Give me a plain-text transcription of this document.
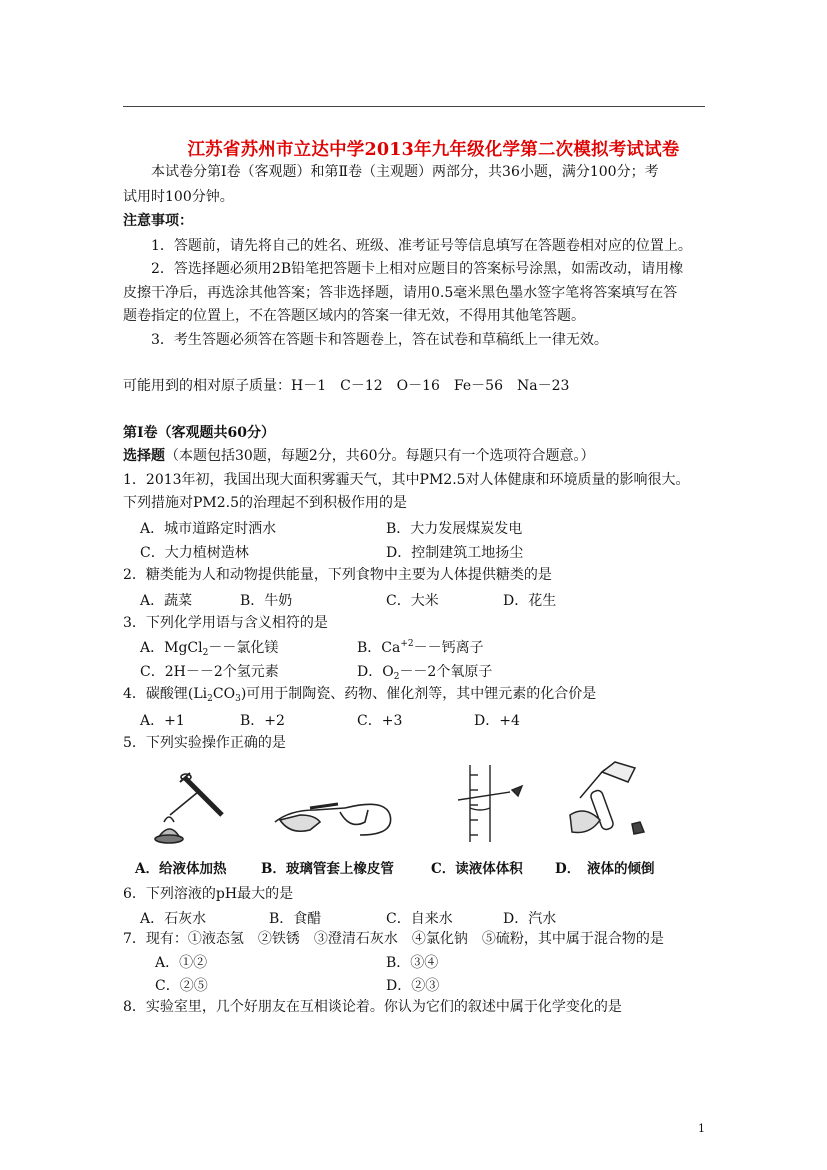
江苏省苏州市立达中学2013年九年级化学第二次模拟考试试卷
本试卷分第Ⅰ卷（客观题）和第Ⅱ卷（主观题）两部分，共36小题，满分100分；考
试用时100分钟。
注意事项：
1．答题前，请先将自己的姓名、班级、准考证号等信息填写在答题卷相对应的位置上。
2．答选择题必须用2B铅笔把答题卡上相对应题目的答案标号涂黑，如需改动，请用橡
皮擦干净后，再选涂其他答案；答非选择题，请用0.5毫米黑色墨水签字笔将答案填写在答
题卷指定的位置上，不在答题区域内的答案一律无效，不得用其他笔答题。
3．考生答题必须答在答题卡和答题卷上，答在试卷和草稿纸上一律无效。
可能用到的相对原子质量：H－1　C－12　O－16　Fe－56　Na－23
第Ⅰ卷（客观题共60分）
选择题（本题包括30题，每题2分，共60分。每题只有一个选项符合题意。）
1．2013年初，我国出现大面积雾霾天气，其中PM2.5对人体健康和环境质量的影响很大。
下列措施对PM2.5的治理起不到积极作用的是
A．城市道路定时洒水	B．大力发展煤炭发电
C．大力植树造林	D．控制建筑工地扬尘
2．糖类能为人和动物提供能量，下列食物中主要为人体提供糖类的是
A．蔬菜	B．牛奶	C．大米	D．花生
3．下列化学用语与含义相符的是
A．MgCl$_2$－－氯化镁	B．$Ca^{+2}--$钙离子
C．2H－－2个氢元素	D．$O_2--2$个氧原子
4．碳酸锂$(Li_2CO_3)$可用于制陶瓷、药物、催化剂等，其中锂元素的化合价是
A．+1	B．+2	C．+3	D．+4
5．下列实验操作正确的是
A．给液体加热	B．玻璃管套上橡皮管	C．读液体体积 D．　液体的倾倒
6．下列溶液的pH最大的是
A．石灰水	B．食醋	C．自来水	D．汽水
7．现有：①液态氢　②铁锈　③澄清石灰水　④氯化钠　⑤硫粉，其中属于混合物的是
A．①②	B．③④
C．②⑤	D．②③
8．实验室里，几个好朋友在互相谈论着。你认为它们的叙述中属于化学变化的是
1
